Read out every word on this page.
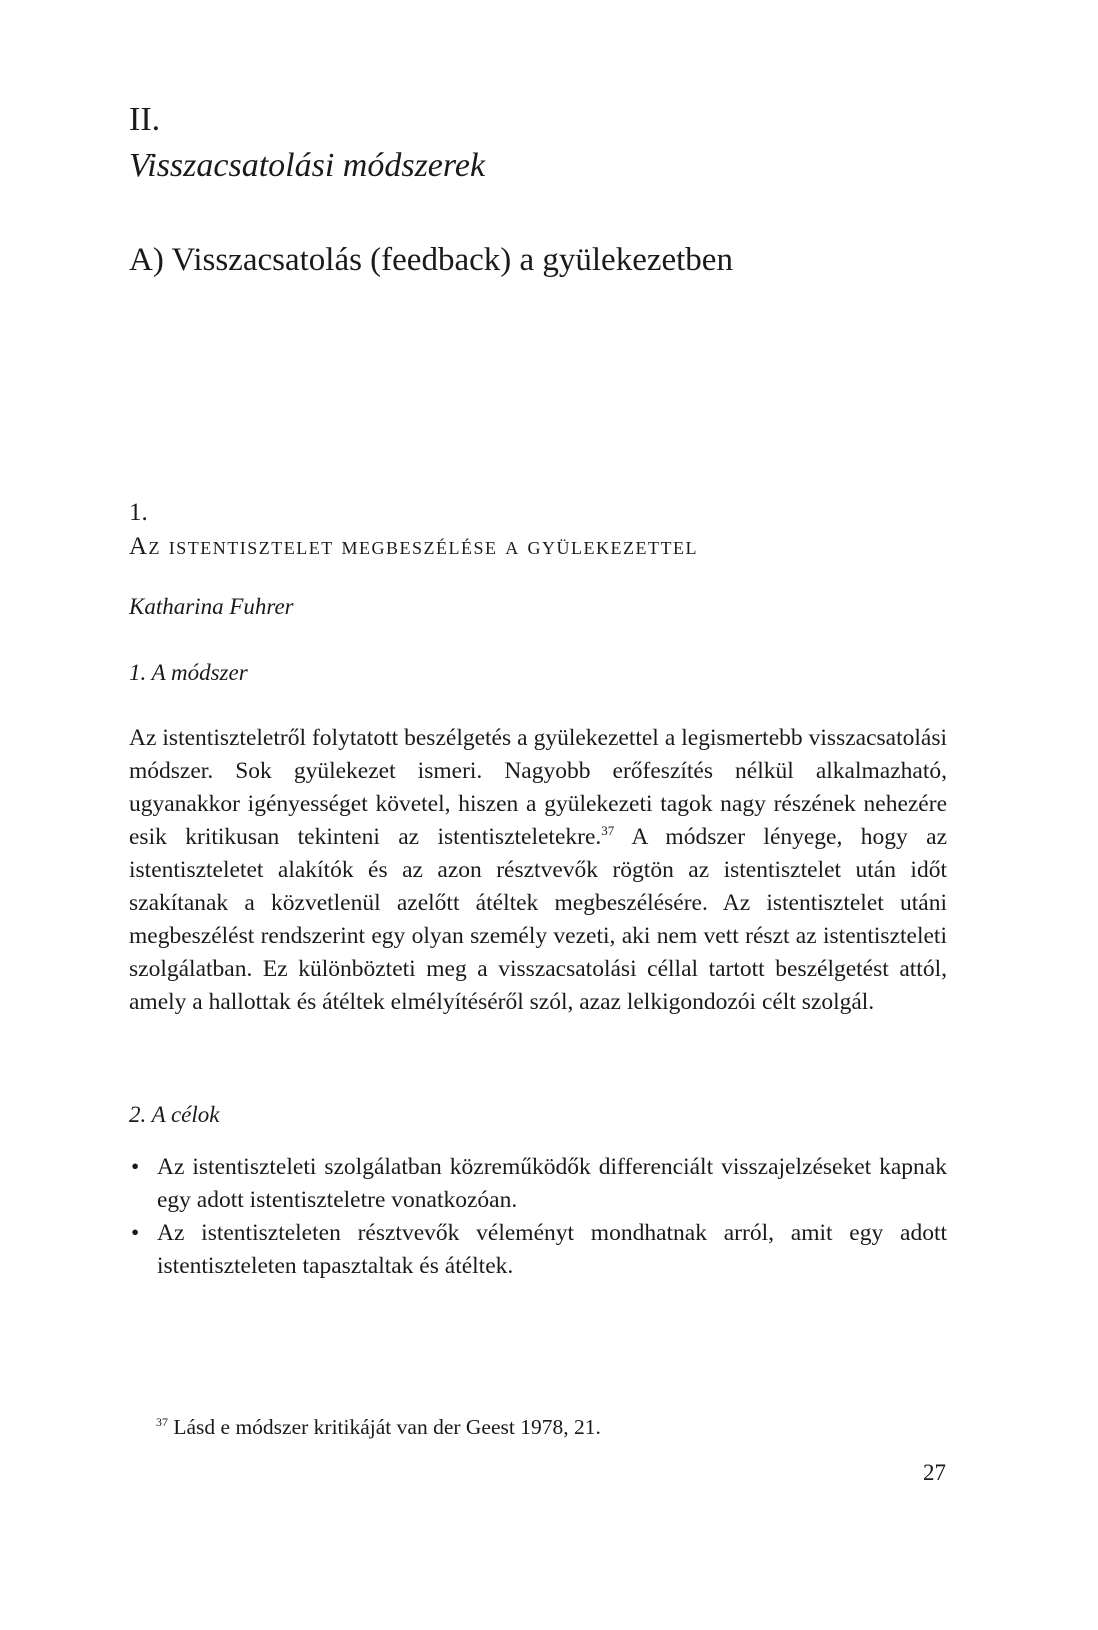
II.

Visszacsatolási módszerek

A) Visszacsatolás (feedback) a gyülekezetben

1.

Az istentisztelet megbeszélése a gyülekezettel

Katharina Fuhrer

1. A módszer

Az istentiszteletről folytatott beszélgetés a gyülekezettel a legismertebb visszacsatolási módszer. Sok gyülekezet ismeri. Nagyobb erőfeszítés nélkül alkalmazható, ugyanakkor igényességet követel, hiszen a gyülekezeti tagok nagy részének nehezére esik kritikusan tekinteni az istentiszteletekre.$^{37}$ A módszer lényege, hogy az istentiszteletet alakítók és az azon résztvevők rögtön az istentisztelet után időt szakítanak a közvetlenül azelőtt átéltek megbeszélésére. Az istentisztelet utáni megbeszélést rendszerint egy olyan személy vezeti, aki nem vett részt az istentiszteleti szolgálatban. Ez különbözteti meg a visszacsatolási céllal tartott beszélgetést attól, amely a hallottak és átéltek elmélyítéséről szól, azaz lelkigondozói célt szolgál.

2. A célok

• Az istentiszteleti szolgálatban közreműködők differenciált visszajelzéseket kapnak egy adott istentiszteletre vonatkozóan.
• Az istentiszteleten résztvevők véleményt mondhatnak arról, amit egy adott istentiszteleten tapasztaltak és átéltek.

$^{37}$ Lásd e módszer kritikáját van der Geest 1978, 21.

27
